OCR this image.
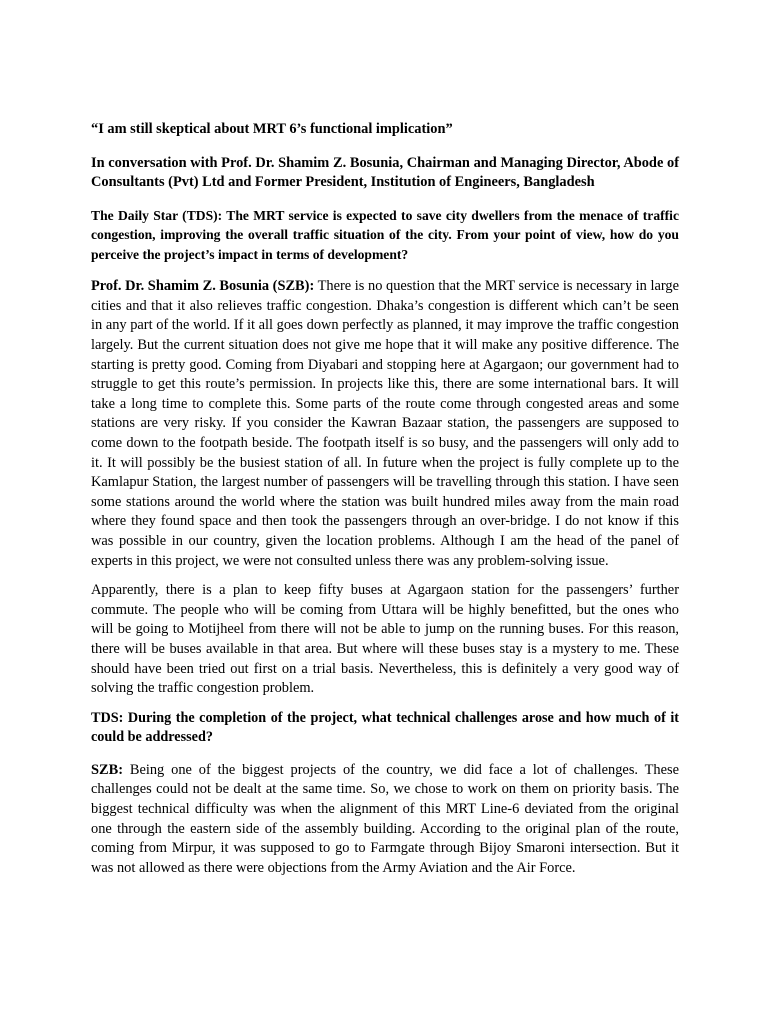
“I am still skeptical about MRT 6’s functional implication”

In conversation with Prof. Dr. Shamim Z. Bosunia, Chairman and Managing Director, Abode of Consultants (Pvt) Ltd and Former President, Institution of Engineers, Bangladesh

The Daily Star (TDS): The MRT service is expected to save city dwellers from the menace of traffic congestion, improving the overall traffic situation of the city. From your point of view, how do you perceive the project’s impact in terms of development?

Prof. Dr. Shamim Z. Bosunia (SZB): There is no question that the MRT service is necessary in large cities and that it also relieves traffic congestion. Dhaka’s congestion is different which can’t be seen in any part of the world. If it all goes down perfectly as planned, it may improve the traffic congestion largely. But the current situation does not give me hope that it will make any positive difference. The starting is pretty good. Coming from Diyabari and stopping here at Agargaon; our government had to struggle to get this route’s permission. In projects like this, there are some international bars. It will take a long time to complete this. Some parts of the route come through congested areas and some stations are very risky. If you consider the Kawran Bazaar station, the passengers are supposed to come down to the footpath beside. The footpath itself is so busy, and the passengers will only add to it. It will possibly be the busiest station of all. In future when the project is fully complete up to the Kamlapur Station, the largest number of passengers will be travelling through this station. I have seen some stations around the world where the station was built hundred miles away from the main road where they found space and then took the passengers through an over-bridge. I do not know if this was possible in our country, given the location problems. Although I am the head of the panel of experts in this project, we were not consulted unless there was any problem-solving issue.

Apparently, there is a plan to keep fifty buses at Agargaon station for the passengers’ further commute. The people who will be coming from Uttara will be highly benefitted, but the ones who will be going to Motijheel from there will not be able to jump on the running buses. For this reason, there will be buses available in that area. But where will these buses stay is a mystery to me. These should have been tried out first on a trial basis. Nevertheless, this is definitely a very good way of solving the traffic congestion problem.

TDS: During the completion of the project, what technical challenges arose and how much of it could be addressed?

SZB: Being one of the biggest projects of the country, we did face a lot of challenges. These challenges could not be dealt at the same time. So, we chose to work on them on priority basis. The biggest technical difficulty was when the alignment of this MRT Line-6 deviated from the original one through the eastern side of the assembly building. According to the original plan of the route, coming from Mirpur, it was supposed to go to Farmgate through Bijoy Smaroni intersection. But it was not allowed as there were objections from the Army Aviation and the Air Force.
